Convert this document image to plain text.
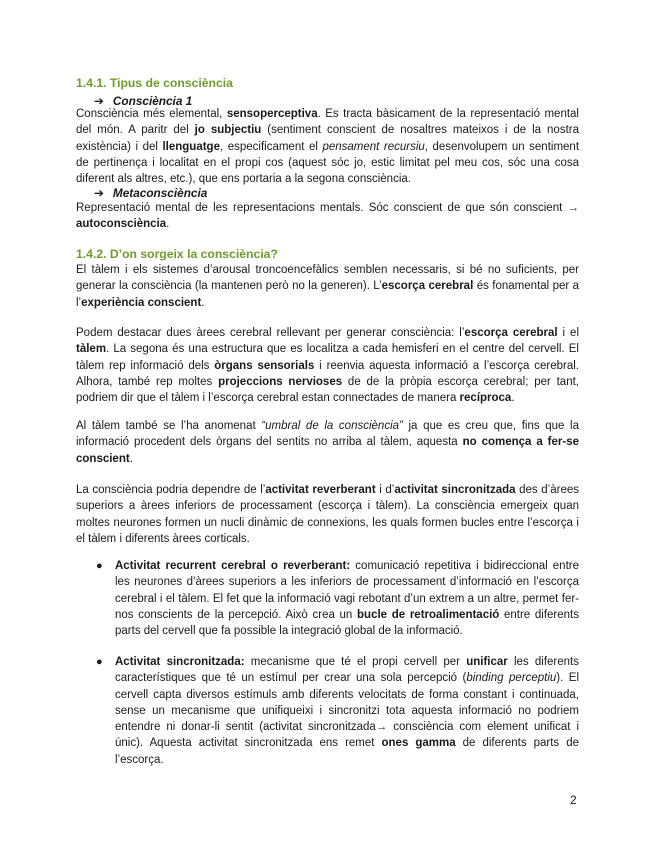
1.4.1. Tipus de consciència

➔ Consciència 1

Consciència més elemental, sensoperceptiva. Es tracta bàsicament de la representació mental del món. A paritr del jo subjectiu (sentiment conscient de nosaltres mateixos i de la nostra existència) i del llenguatge, especificament el pensament recursiu, desenvolupem un sentiment de pertinença i localitat en el propi cos (aquest sóc jo, estic limitat pel meu cos, sóc una cosa diferent als altres, etc.), que ens portaria a la segona consciència.

➔ Metaconsciència

Representació mental de les representacions mentals. Sóc conscient de que són conscient → autoconsciència.

1.4.2. D’on sorgeix la consciència?

El tàlem i els sistemes d’arousal troncoencefàlics semblen necessaris, si bé no suficients, per generar la consciència (la mantenen però no la generen). L’escorça cerebral és fonamental per a l’experiència conscient.

Podem destacar dues àrees cerebral rellevant per generar consciència: l’escorça cerebral i el tàlem. La segona és una estructura que es localitza a cada hemisferi en el centre del cervell. El tàlem rep informació dels òrgans sensorials i reenvia aquesta informació a l’escorça cerebral. Alhora, també rep moltes projeccions nervioses de de la pròpia escorça cerebral; per tant, podriem dir que el tàlem i l’escorça cerebral estan connectades de manera recíproca.

Al tàlem també se l’ha anomenat “umbral de la consciència” ja que es creu que, fins que la informació procedent dels òrgans del sentits no arriba al tàlem, aquesta no comença a fer-se conscient.

La consciència podria dependre de l’activitat reverberant i d’activitat sincronitzada des d’àrees superiors a àrees inferiors de processament (escorça i tàlem). La consciència emergeix quan moltes neurones formen un nucli dinàmic de connexions, les quals formen bucles entre l’escorça i el tàlem i diferents àrees corticals.

● Activitat recurrent cerebral o reverberant: comunicació repetitiva i bidireccional entre les neurones d’àrees superiors a les inferiors de processament d’informació en l’escorça cerebral i el tàlem. El fet que la informació vagi rebotant d’un extrem a un altre, permet fer-nos conscients de la percepció. Això crea un bucle de retroalimentació entre diferents parts del cervell que fa possible la integració global de la informació.

● Activitat sincronitzada: mecanisme que té el propi cervell per unificar les diferents característiques que té un estímul per crear una sola percepció (binding perceptiu). El cervell capta diversos estímuls amb diferents velocitats de forma constant i continuada, sense un mecanisme que unifiqueixi i sincronitzi tota aquesta informació no podriem entendre ni donar-li sentit (activitat sincronitzada→ consciència com element unificat i únic). Aquesta activitat sincronitzada ens remet ones gamma de diferents parts de l’escorça.

2
